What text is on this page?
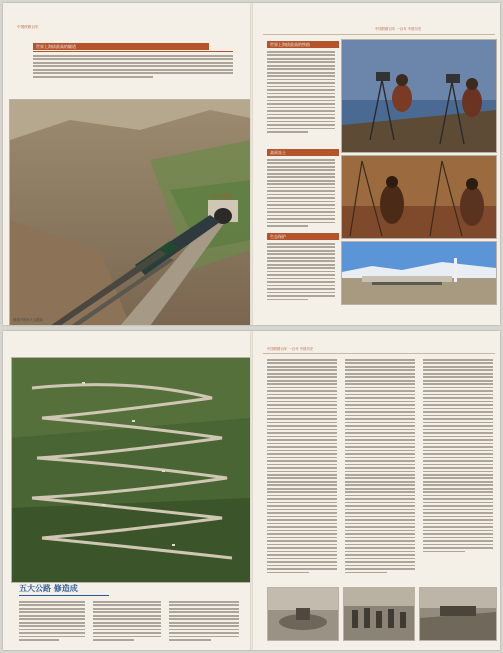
中国铁路百年
世界上海拔最高的隧道
风火山隧道
修建中的风火山隧道
中国铁路百年 一百年 中国历史
世界上海拔最高的铁路
高原冻土
生态保护
五大公路 修造成
中国铁路百年 一百年 中国历史
